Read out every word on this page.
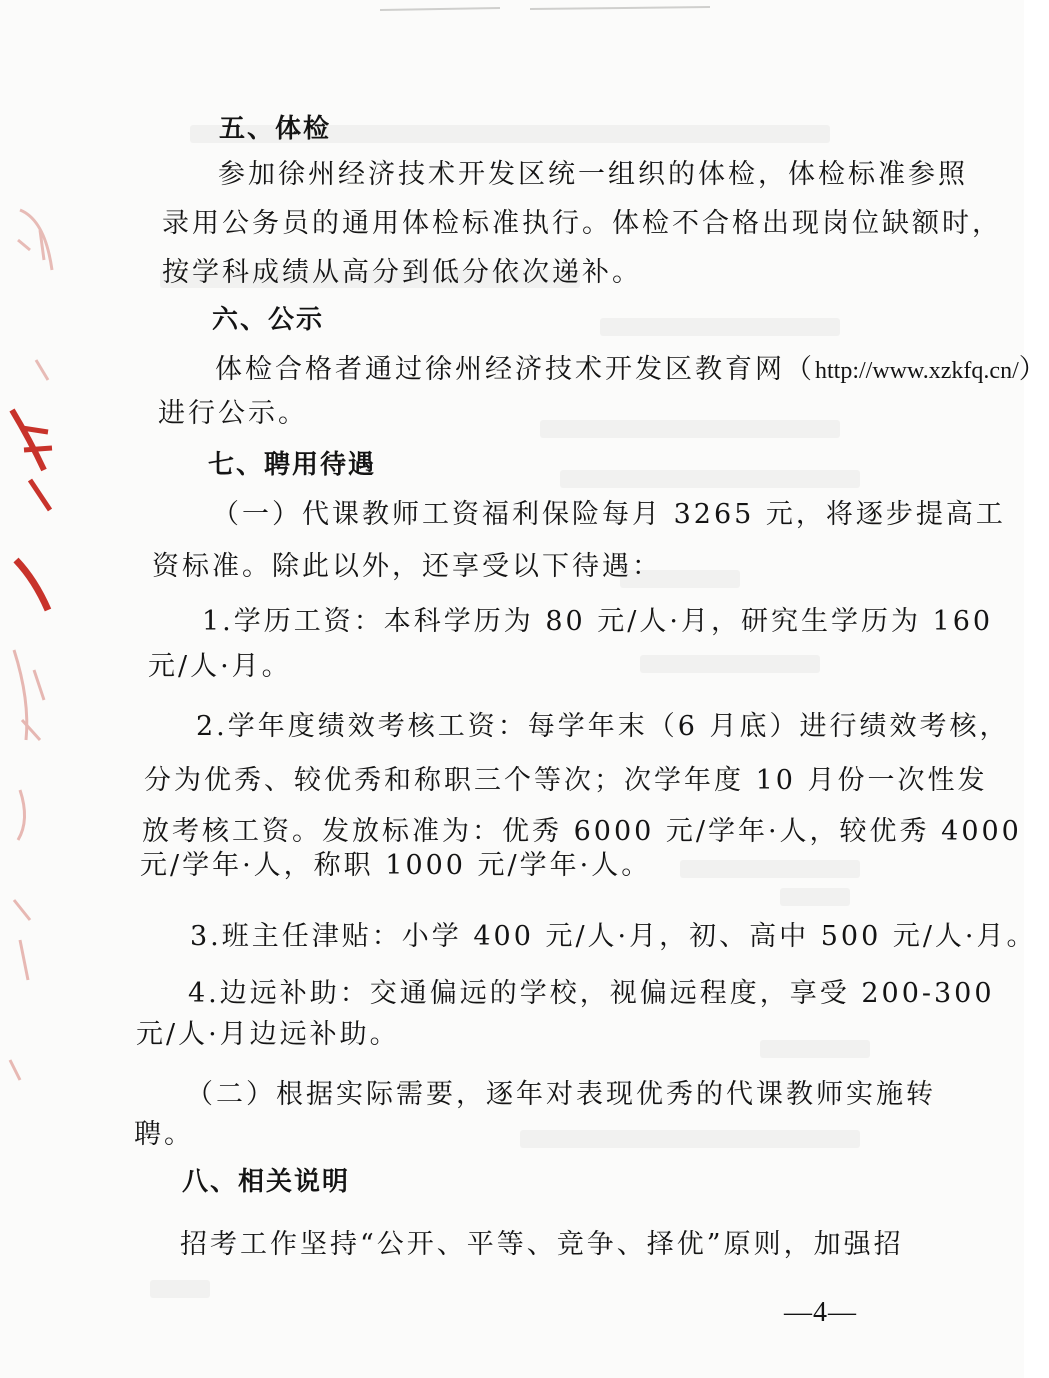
五、体检
参加徐州经济技术开发区统一组织的体检，体检标准参照
录用公务员的通用体检标准执行。体检不合格出现岗位缺额时，
按学科成绩从高分到低分依次递补。
六、公示
体检合格者通过徐州经济技术开发区教育网（http://www.xzkfq.cn/）
进行公示。
七、聘用待遇
（一）代课教师工资福利保险每月 3265 元，将逐步提高工
资标准。除此以外，还享受以下待遇：
1.学历工资：本科学历为 80 元/人·月，研究生学历为 160
元/人·月。
2.学年度绩效考核工资：每学年末（6 月底）进行绩效考核，
分为优秀、较优秀和称职三个等次；次学年度 10 月份一次性发
放考核工资。发放标准为：优秀 6000 元/学年·人，较优秀 4000
元/学年·人，称职 1000 元/学年·人。
3.班主任津贴：小学 400 元/人·月，初、高中 500 元/人·月。
4.边远补助：交通偏远的学校，视偏远程度，享受 200-300
元/人·月边远补助。
（二）根据实际需要，逐年对表现优秀的代课教师实施转
聘。
八、相关说明
招考工作坚持“公开、平等、竞争、择优”原则，加强招
—4—
